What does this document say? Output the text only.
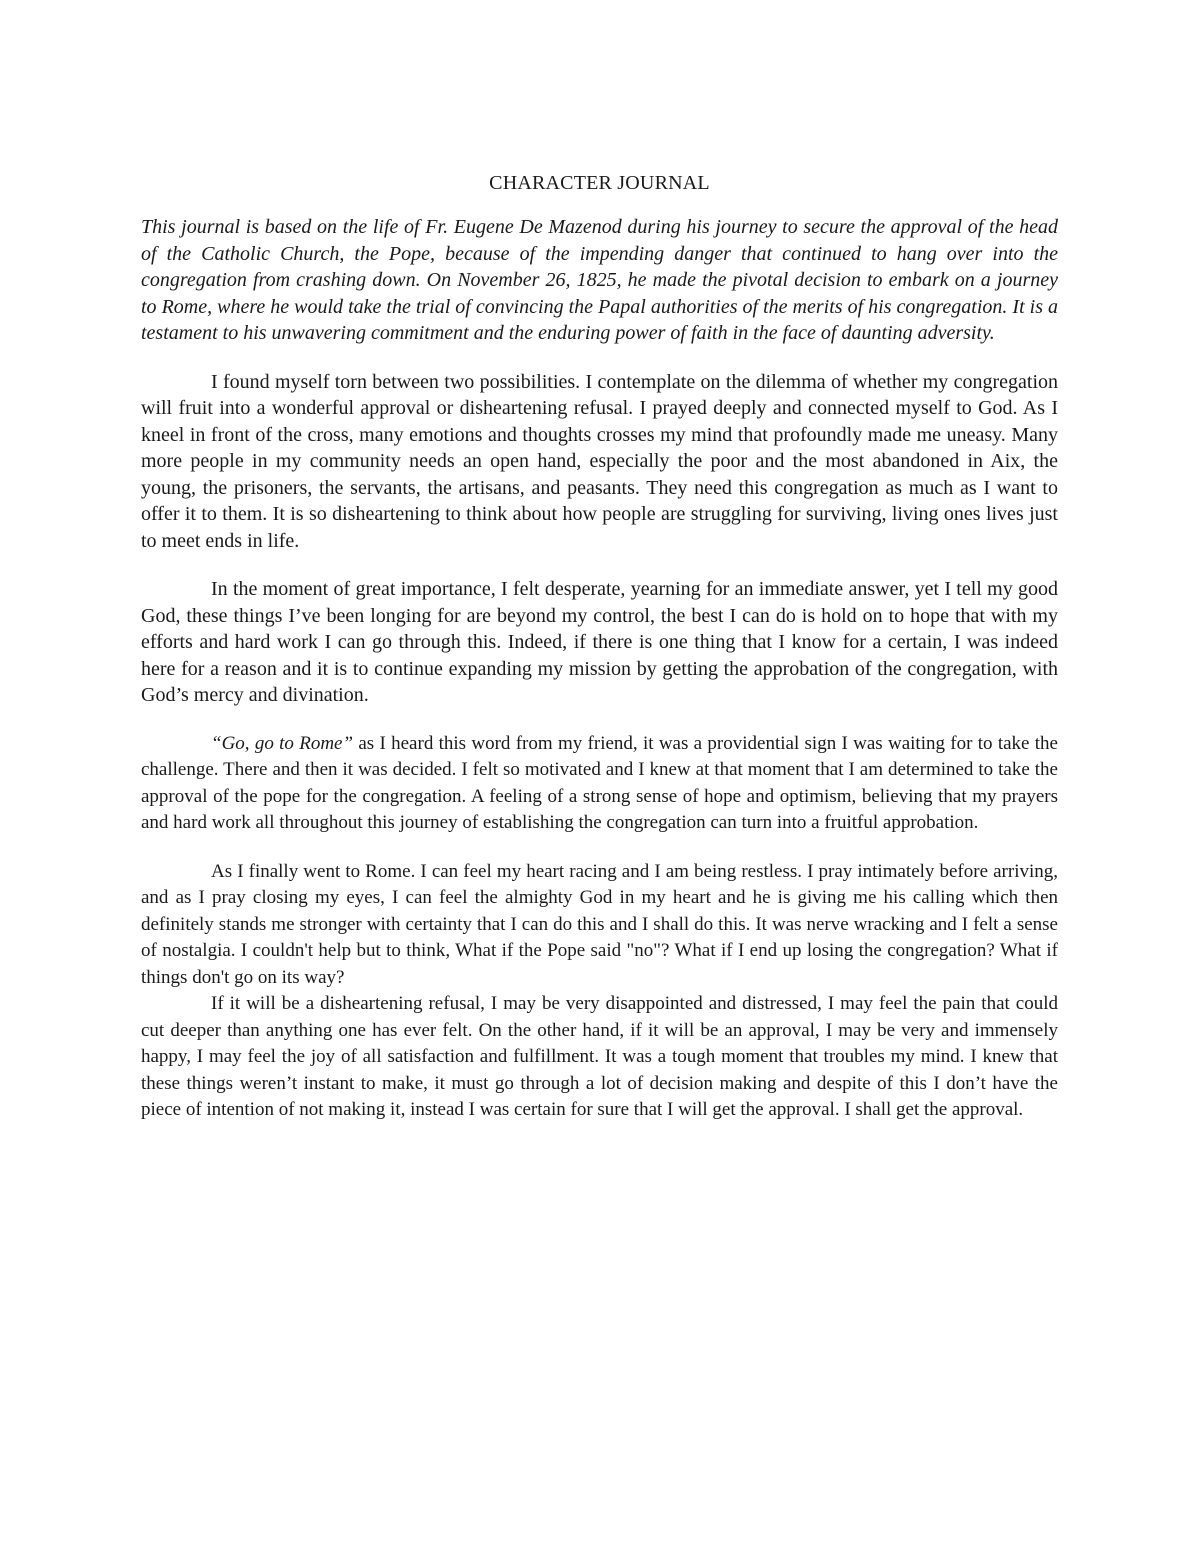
CHARACTER JOURNAL

This journal is based on the life of Fr. Eugene De Mazenod during his journey to secure the approval of the head of the Catholic Church, the Pope, because of the impending danger that continued to hang over into the congregation from crashing down. On November 26, 1825, he made the pivotal decision to embark on a journey to Rome, where he would take the trial of convincing the Papal authorities of the merits of his congregation. It is a testament to his unwavering commitment and the enduring power of faith in the face of daunting adversity.

I found myself torn between two possibilities. I contemplate on the dilemma of whether my congregation will fruit into a wonderful approval or disheartening refusal. I prayed deeply and connected myself to God. As I kneel in front of the cross, many emotions and thoughts crosses my mind that profoundly made me uneasy. Many more people in my community needs an open hand, especially the poor and the most abandoned in Aix, the young, the prisoners, the servants, the artisans, and peasants. They need this congregation as much as I want to offer it to them. It is so disheartening to think about how people are struggling for surviving, living ones lives just to meet ends in life.

In the moment of great importance, I felt desperate, yearning for an immediate answer, yet I tell my good God, these things I’ve been longing for are beyond my control, the best I can do is hold on to hope that with my efforts and hard work I can go through this. Indeed, if there is one thing that I know for a certain, I was indeed here for a reason and it is to continue expanding my mission by getting the approbation of the congregation, with God’s mercy and divination.

“Go, go to Rome” as I heard this word from my friend, it was a providential sign I was waiting for to take the challenge. There and then it was decided. I felt so motivated and I knew at that moment that I am determined to take the approval of the pope for the congregation. A feeling of a strong sense of hope and optimism, believing that my prayers and hard work all throughout this journey of establishing the congregation can turn into a fruitful approbation.

As I finally went to Rome. I can feel my heart racing and I am being restless. I pray intimately before arriving, and as I pray closing my eyes, I can feel the almighty God in my heart and he is giving me his calling which then definitely stands me stronger with certainty that I can do this and I shall do this. It was nerve wracking and I felt a sense of nostalgia. I couldn't help but to think, What if the Pope said "no"? What if I end up losing the congregation? What if things don't go on its way?

If it will be a disheartening refusal, I may be very disappointed and distressed, I may feel the pain that could cut deeper than anything one has ever felt. On the other hand, if it will be an approval, I may be very and immensely happy, I may feel the joy of all satisfaction and fulfillment. It was a tough moment that troubles my mind. I knew that these things weren’t instant to make, it must go through a lot of decision making and despite of this I don’t have the piece of intention of not making it, instead I was certain for sure that I will get the approval. I shall get the approval.
